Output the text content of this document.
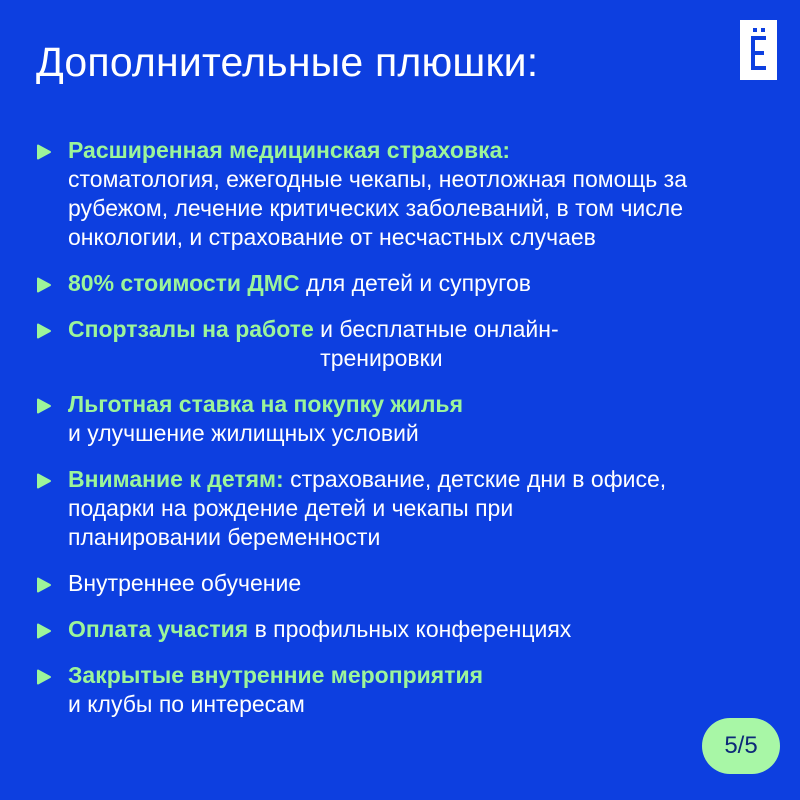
Дополнительные плюшки:
Расширенная медицинская страховка:
стоматология, ежегодные чекапы, неотложная помощь за рубежом, лечение критических заболеваний, в том числе онкологии, и страхование от несчастных случаев
80% стоимости ДМС для детей и супругов
Спортзалы на работе и бесплатные онлайн-тренировки
Льготная ставка на покупку жилья
и улучшение жилищных условий
Внимание к детям: страхование, детские дни в офисе, подарки на рождение детей и чекапы при планировании беременности
Внутреннее обучение
Оплата участия в профильных конференциях
Закрытые внутренние мероприятия
и клубы по интересам
5/5
